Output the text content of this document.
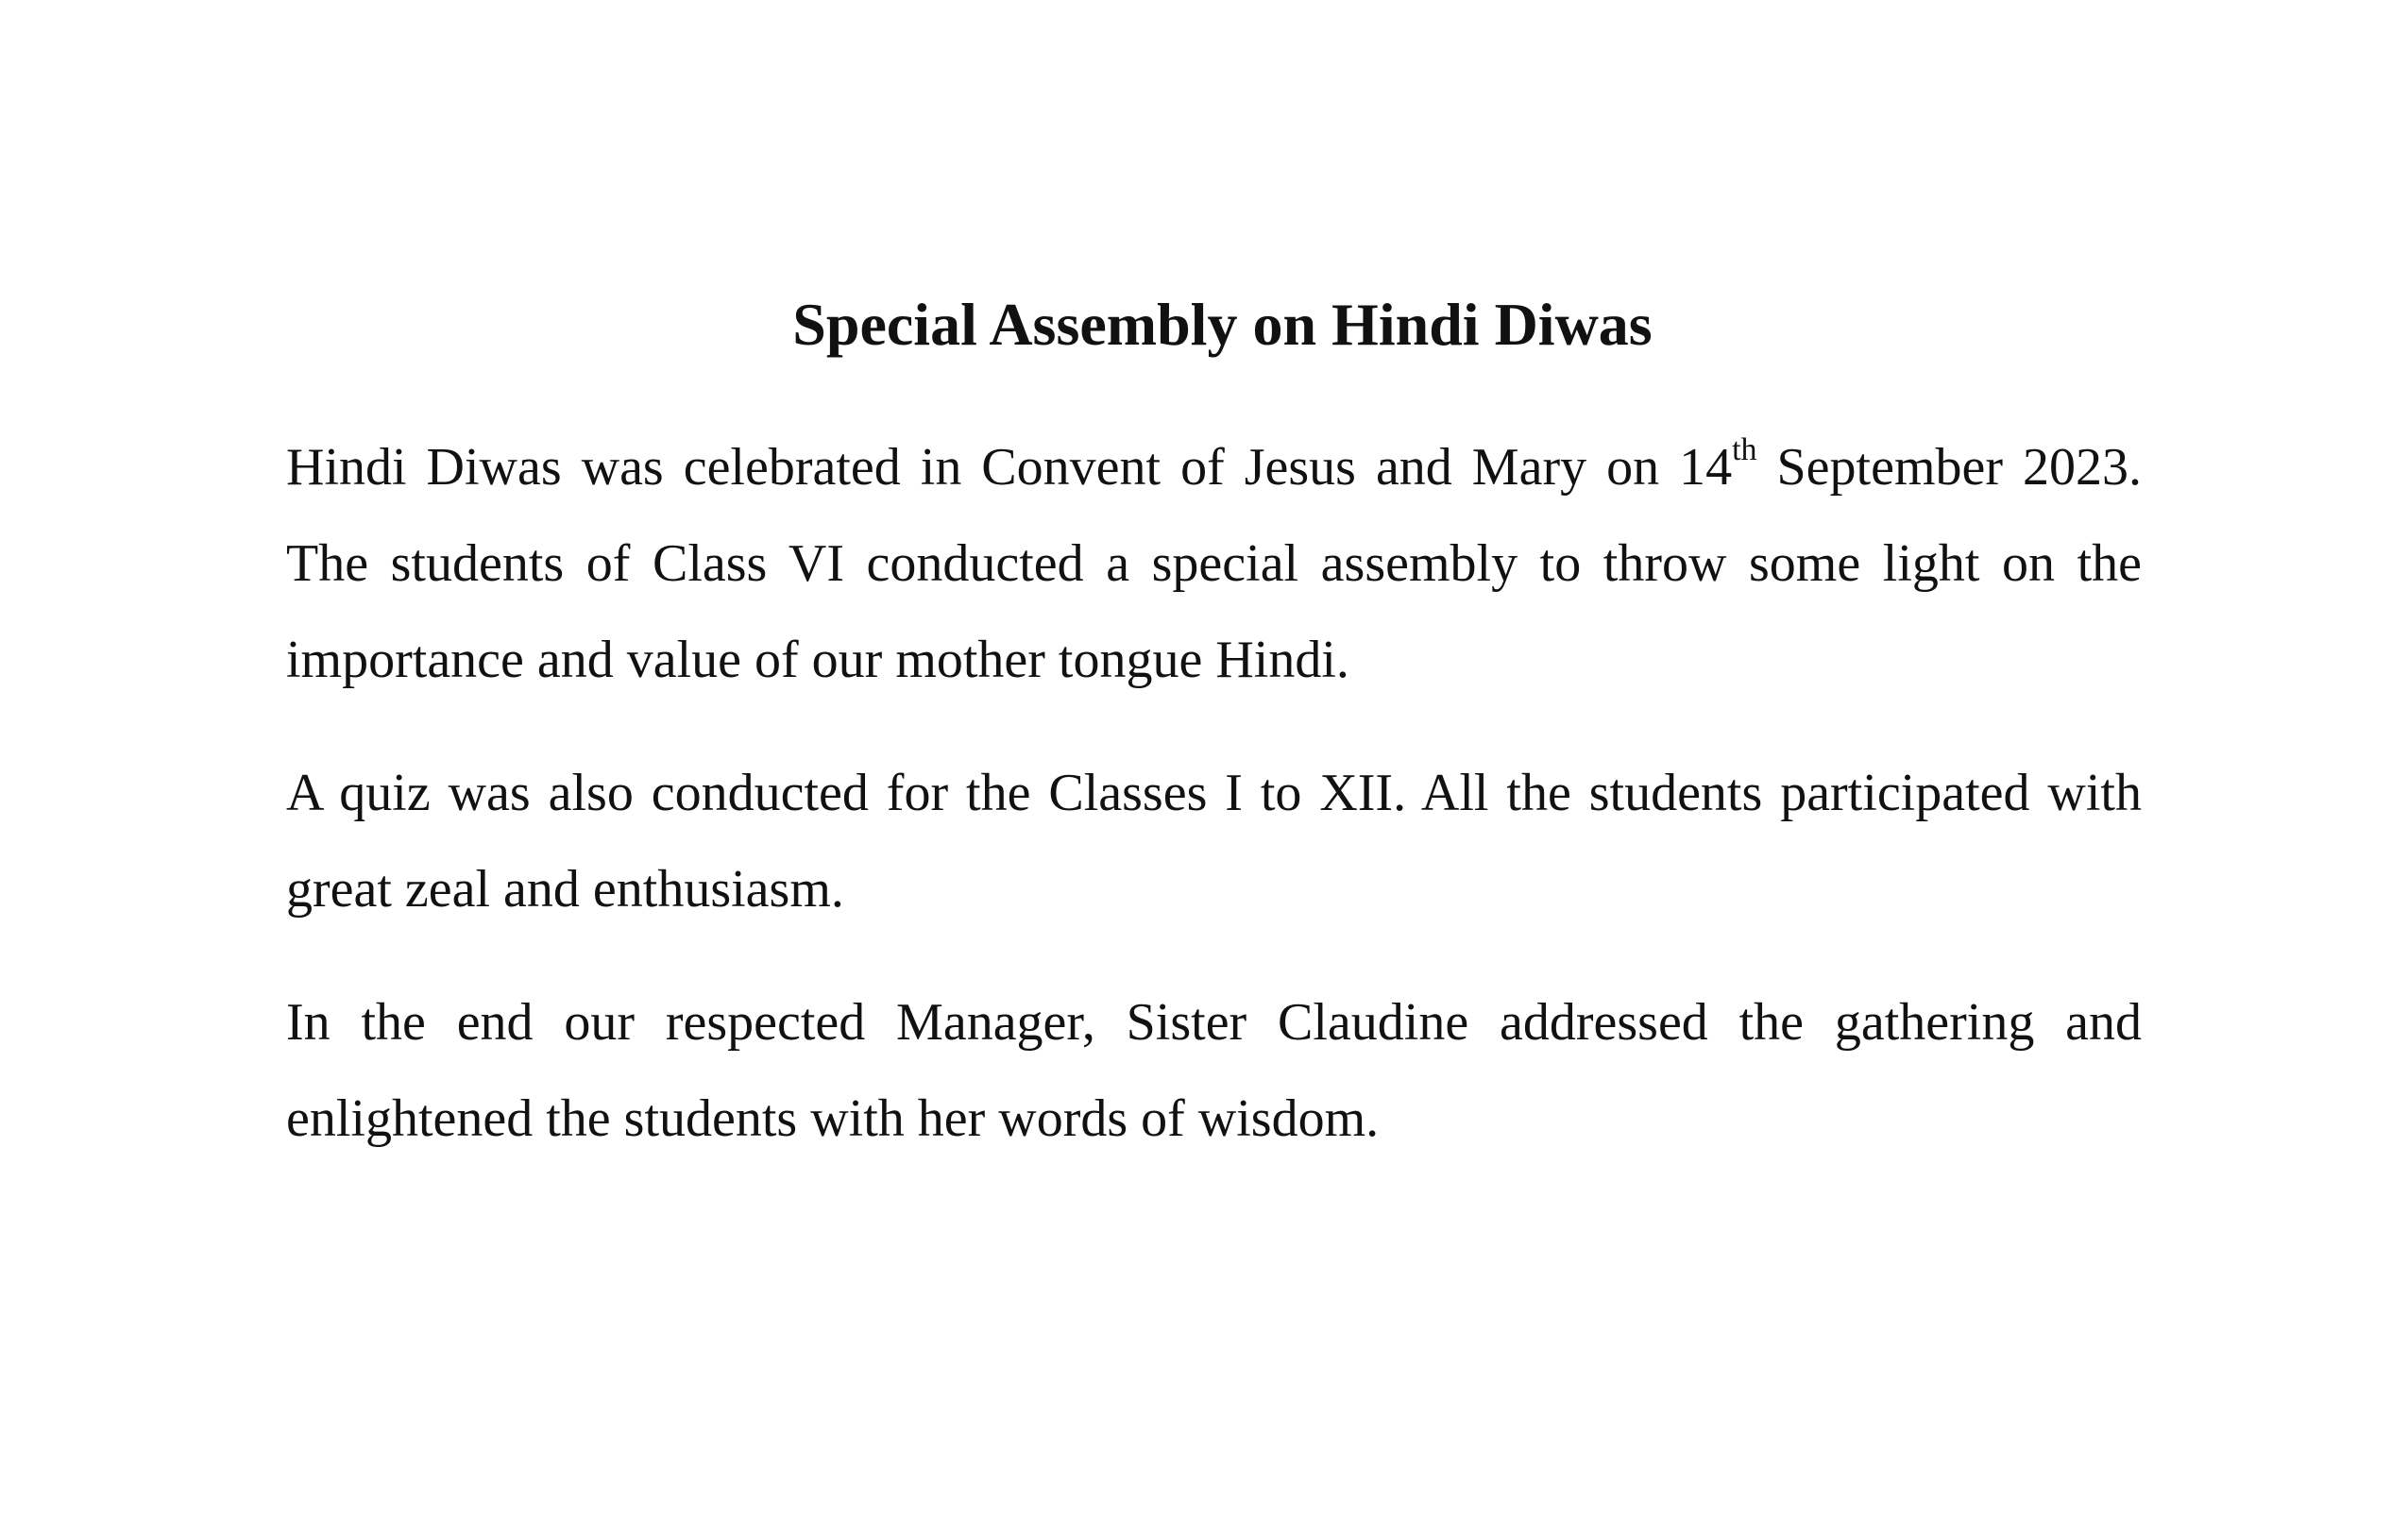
Special Assembly on Hindi Diwas

Hindi Diwas was celebrated in Convent of Jesus and Mary on 14th September 2023. The students of Class VI conducted a special assembly to throw some light on the importance and value of our mother tongue Hindi.

A quiz was also conducted for the Classes I to XII. All the students participated with great zeal and enthusiasm.

In the end our respected Manager, Sister Claudine addressed the gathering and enlightened the students with her words of wisdom.
